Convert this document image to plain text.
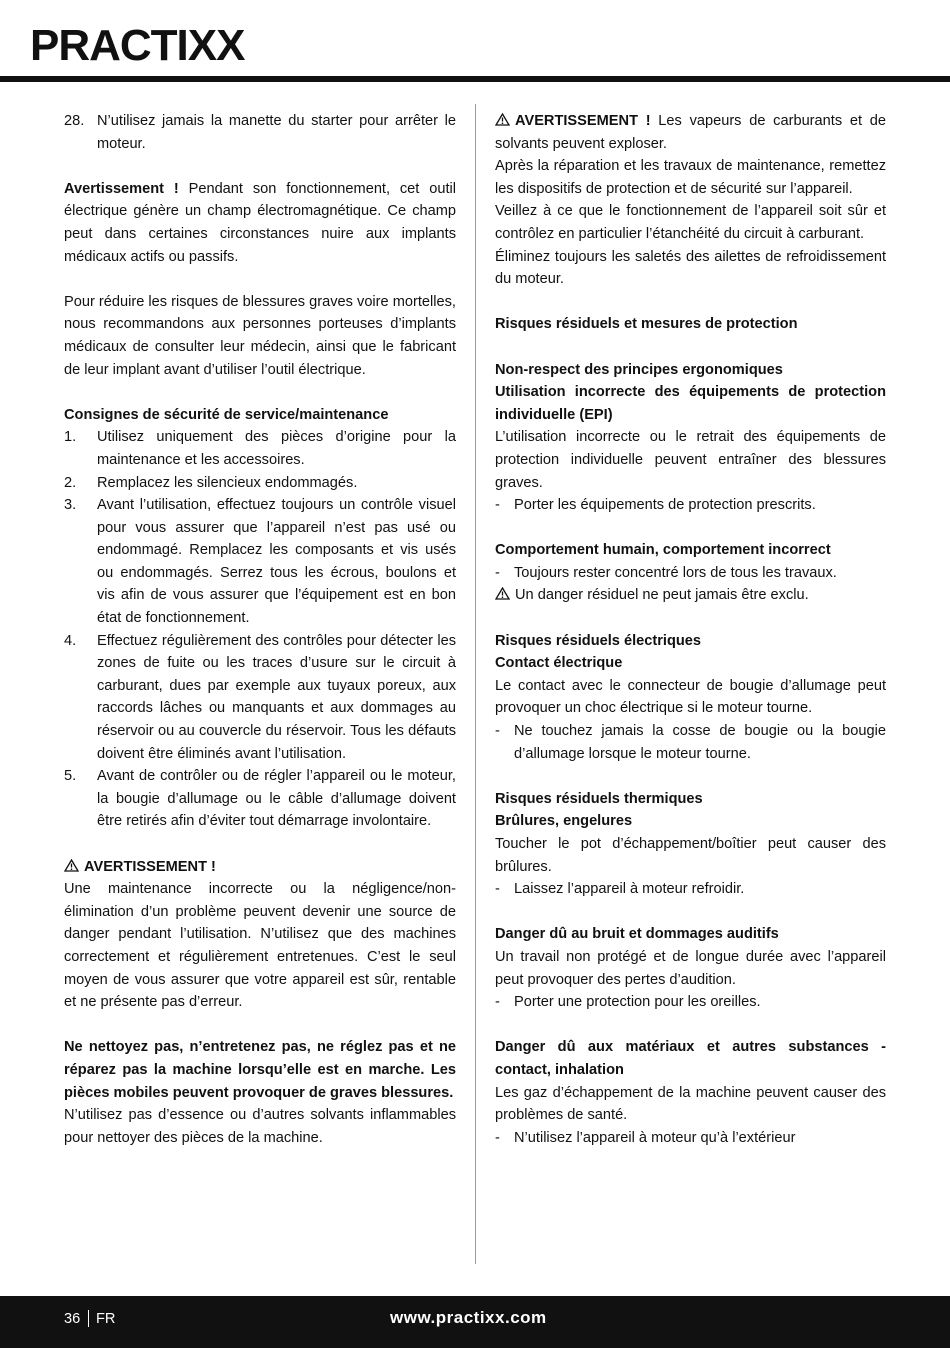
PRACTIXX
28. N’utilisez jamais la manette du starter pour arrêter le moteur.

Avertissement ! Pendant son fonctionnement, cet outil électrique génère un champ électromagnétique. Ce champ peut dans certaines circonstances nuire aux implants médicaux actifs ou passifs.

Pour réduire les risques de blessures graves voire mortelles, nous recommandons aux personnes porteuses d’implants médicaux de consulter leur médecin, ainsi que le fabricant de leur implant avant d’utiliser l’outil électrique.

Consignes de sécurité de service/maintenance

1.	Utilisez uniquement des pièces d’origine pour la maintenance et les accessoires.
2.	Remplacez les silencieux endommagés.
3.	Avant l’utilisation, effectuez toujours un contrôle visuel pour vous assurer que l’appareil n’est pas usé ou endommagé. Remplacez les composants et vis usés ou endommagés. Serrez tous les écrous, boulons et vis afin de vous assurer que l’équipement est en bon état de fonctionnement.
4.	Effectuez régulièrement des contrôles pour détecter les zones de fuite ou les traces d’usure sur le circuit à carburant, dues par exemple aux tuyaux poreux, aux raccords lâches ou manquants et aux dommages au réservoir ou au couvercle du réservoir. Tous les défauts doivent être éliminés avant l’utilisation.
5.	Avant de contrôler ou de régler l’appareil ou le moteur, la bougie d’allumage ou le câble d’allumage doivent être retirés afin d’éviter tout démarrage involontaire.

AVERTISSEMENT !

Une maintenance incorrecte ou la négligence/non-élimination d’un problème peuvent devenir une source de danger pendant l’utilisation. N’utilisez que des machines correctement et régulièrement entretenues. C’est le seul moyen de vous assurer que votre appareil est sûr, rentable et ne présente pas d’erreur.

Ne nettoyez pas, n’entretenez pas, ne réglez pas et ne réparez pas la machine lorsqu’elle est en marche. Les pièces mobiles peuvent provoquer de graves blessures.

N’utilisez pas d’essence ou d’autres solvants inflammables pour nettoyer des pièces de la machine.

AVERTISSEMENT ! Les vapeurs de carburants et de solvants peuvent exploser.

Après la réparation et les travaux de maintenance, remettez les dispositifs de protection et de sécurité sur l’appareil.

Veillez à ce que le fonctionnement de l’appareil soit sûr et contrôlez en particulier l’étanchéité du circuit à carburant.

Éliminez toujours les saletés des ailettes de refroidissement du moteur.

Risques résiduels et mesures de protection

Non-respect des principes ergonomiques

Utilisation incorrecte des équipements de protection individuelle (EPI)

L’utilisation incorrecte ou le retrait des équipements de protection individuelle peuvent entraîner des blessures graves.

- Porter les équipements de protection prescrits.

Comportement humain, comportement incorrect

- Toujours rester concentré lors de tous les travaux.

Un danger résiduel ne peut jamais être exclu.

Risques résiduels électriques

Contact électrique

Le contact avec le connecteur de bougie d’allumage peut provoquer un choc électrique si le moteur tourne.

- Ne touchez jamais la cosse de bougie ou la bougie d’allumage lorsque le moteur tourne.

Risques résiduels thermiques

Brûlures, engelures

Toucher le pot d’échappement/boîtier peut causer des brûlures.

- Laissez l’appareil à moteur refroidir.

Danger dû au bruit et dommages auditifs

Un travail non protégé et de longue durée avec l’appareil peut provoquer des pertes d’audition.

- Porter une protection pour les oreilles.

Danger dû aux matériaux et autres substances - contact, inhalation

Les gaz d’échappement de la machine peuvent causer des problèmes de santé.

- N’utilisez l’appareil à moteur qu’à l’extérieur
36 FR	www.practixx.com
